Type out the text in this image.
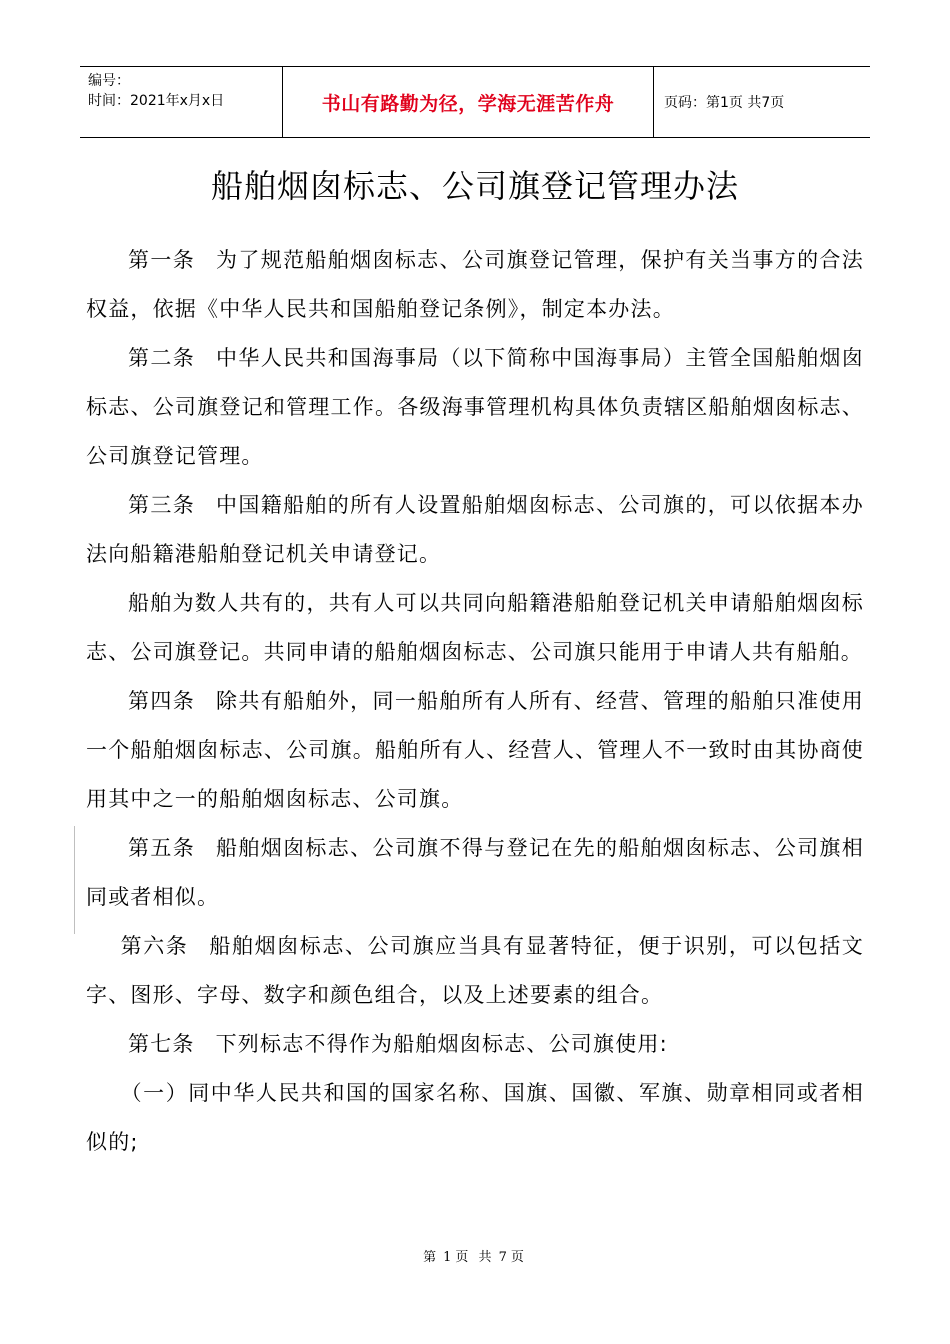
编号：
时间：2021年x月x日	书山有路勤为径，学海无涯苦作舟	页码：第1页 共7页
船舶烟囱标志、公司旗登记管理办法

第一条 为了规范船舶烟囱标志、公司旗登记管理，保护有关当事方的合法权益，依据《中华人民共和国船舶登记条例》，制定本办法。

第二条 中华人民共和国海事局（以下简称中国海事局）主管全国船舶烟囱标志、公司旗登记和管理工作。各级海事管理机构具体负责辖区船舶烟囱标志、公司旗登记管理。

第三条 中国籍船舶的所有人设置船舶烟囱标志、公司旗的，可以依据本办法向船籍港船舶登记机关申请登记。

船舶为数人共有的，共有人可以共同向船籍港船舶登记机关申请船舶烟囱标志、公司旗登记。共同申请的船舶烟囱标志、公司旗只能用于申请人共有船舶。

第四条 除共有船舶外，同一船舶所有人所有、经营、管理的船舶只准使用一个船舶烟囱标志、公司旗。船舶所有人、经营人、管理人不一致时由其协商使用其中之一的船舶烟囱标志、公司旗。

第五条 船舶烟囱标志、公司旗不得与登记在先的船舶烟囱标志、公司旗相同或者相似。

第六条 船舶烟囱标志、公司旗应当具有显著特征，便于识别，可以包括文字、图形、字母、数字和颜色组合，以及上述要素的组合。

第七条 下列标志不得作为船舶烟囱标志、公司旗使用:

（一）同中华人民共和国的国家名称、国旗、国徽、军旗、勋章相同或者相似的;

第 1 页 共 7 页
